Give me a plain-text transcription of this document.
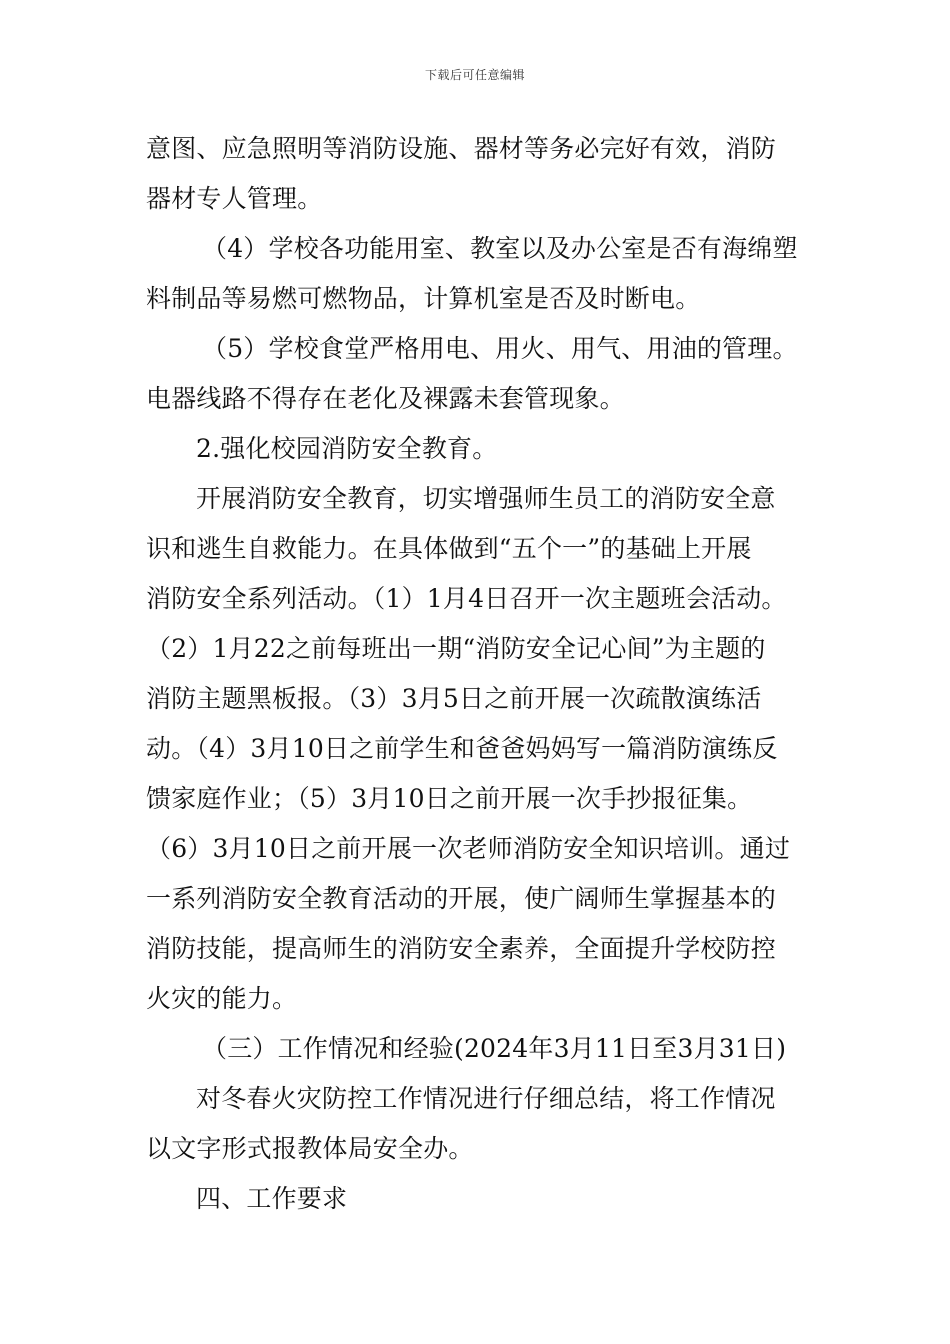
下载后可任意编辑
意图、应急照明等消防设施、器材等务必完好有效，消防
器材专人管理。
（4）学校各功能用室、教室以及办公室是否有海绵塑
料制品等易燃可燃物品，计算机室是否及时断电。
（5）学校食堂严格用电、用火、用气、用油的管理。
电器线路不得存在老化及裸露未套管现象。
2.强化校园消防安全教育。
开展消防安全教育，切实增强师生员工的消防安全意
识和逃生自救能力。在具体做到“五个一”的基础上开展
消防安全系列活动。（1）1月4日召开一次主题班会活动。
（2）1月22之前每班出一期“消防安全记心间”为主题的
消防主题黑板报。（3）3月5日之前开展一次疏散演练活
动。（4）3月10日之前学生和爸爸妈妈写一篇消防演练反
馈家庭作业；（5）3月10日之前开展一次手抄报征集。
（6）3月10日之前开展一次老师消防安全知识培训。通过
一系列消防安全教育活动的开展，使广阔师生掌握基本的
消防技能，提高师生的消防安全素养，全面提升学校防控
火灾的能力。
（三）工作情况和经验(2024年3月11日至3月31日)
对冬春火灾防控工作情况进行仔细总结，将工作情况
以文字形式报教体局安全办。
四、工作要求
